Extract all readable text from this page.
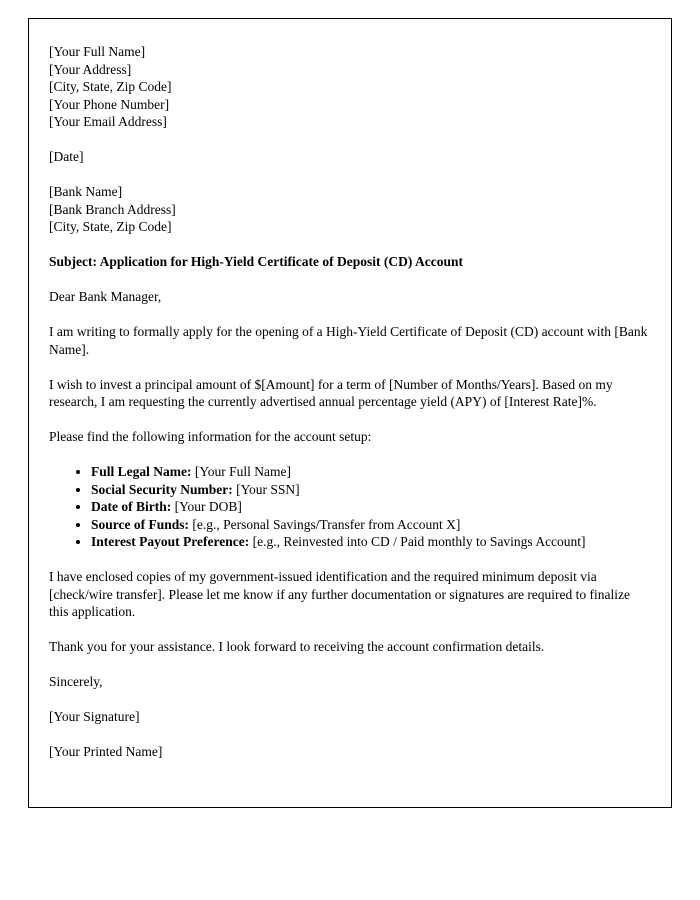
[Your Full Name]
[Your Address]
[City, State, Zip Code]
[Your Phone Number]
[Your Email Address]
[Date]
[Bank Name]
[Bank Branch Address]
[City, State, Zip Code]

Subject: Application for High-Yield Certificate of Deposit (CD) Account

Dear Bank Manager,

I am writing to formally apply for the opening of a High-Yield Certificate of Deposit (CD) account with [Bank Name].

I wish to invest a principal amount of $[Amount] for a term of [Number of Months/Years]. Based on my research, I am requesting the currently advertised annual percentage yield (APY) of [Interest Rate]%.

Please find the following information for the account setup:

• Full Legal Name: [Your Full Name]
• Social Security Number: [Your SSN]
• Date of Birth: [Your DOB]
• Source of Funds: [e.g., Personal Savings/Transfer from Account X]
• Interest Payout Preference: [e.g., Reinvested into CD / Paid monthly to Savings Account]

I have enclosed copies of my government-issued identification and the required minimum deposit via [check/wire transfer]. Please let me know if any further documentation or signatures are required to finalize this application.

Thank you for your assistance. I look forward to receiving the account confirmation details.

Sincerely,

[Your Signature]

[Your Printed Name]
